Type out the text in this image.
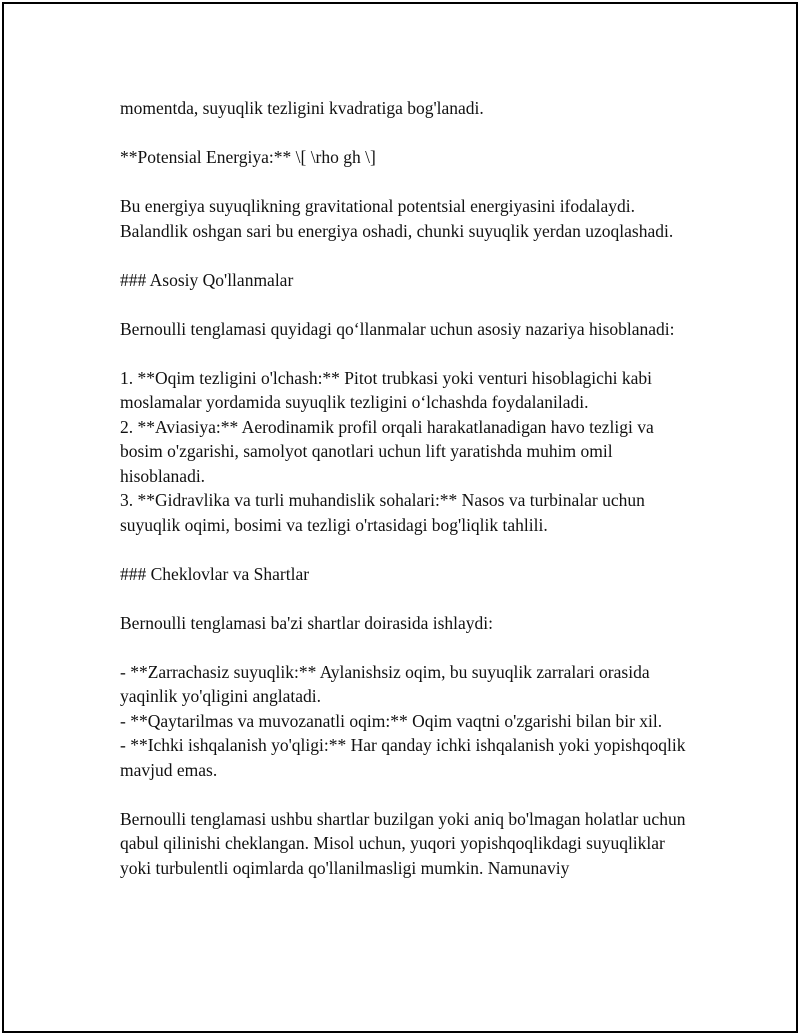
momentda, suyuqlik tezligini kvadratiga bog'lanadi.

**Potensial Energiya:** \[ \rho gh \]

Bu energiya suyuqlikning gravitational potentsial energiyasini ifodalaydi. Balandlik oshgan sari bu energiya oshadi, chunki suyuqlik yerdan uzoqlashadi.

### Asosiy Qo'llanmalar

Bernoulli tenglamasi quyidagi qo‘llanmalar uchun asosiy nazariya hisoblanadi:

1. **Oqim tezligini o'lchash:** Pitot trubkasi yoki venturi hisoblagichi kabi moslamalar yordamida suyuqlik tezligini o‘lchashda foydalaniladi.

2. **Aviasiya:** Aerodinamik profil orqali harakatlanadigan havo tezligi va bosim o'zgarishi, samolyot qanotlari uchun lift yaratishda muhim omil hisoblanadi.

3. **Gidravlika va turli muhandislik sohalari:** Nasos va turbinalar uchun suyuqlik oqimi, bosimi va tezligi o'rtasidagi bog'liqlik tahlili.

### Cheklovlar va Shartlar

Bernoulli tenglamasi ba'zi shartlar doirasida ishlaydi:

- **Zarrachasiz suyuqlik:** Aylanishsiz oqim, bu suyuqlik zarralari orasida yaqinlik yo'qligini anglatadi.

- **Qaytarilmas va muvozanatli oqim:** Oqim vaqtni o'zgarishi bilan bir xil.

- **Ichki ishqalanish yo'qligi:** Har qanday ichki ishqalanish yoki yopishqoqlik mavjud emas.

Bernoulli tenglamasi ushbu shartlar buzilgan yoki aniq bo'lmagan holatlar uchun qabul qilinishi cheklangan. Misol uchun, yuqori yopishqoqlikdagi suyuqliklar yoki turbulentli oqimlarda qo'llanilmasligi mumkin. Namunaviy
